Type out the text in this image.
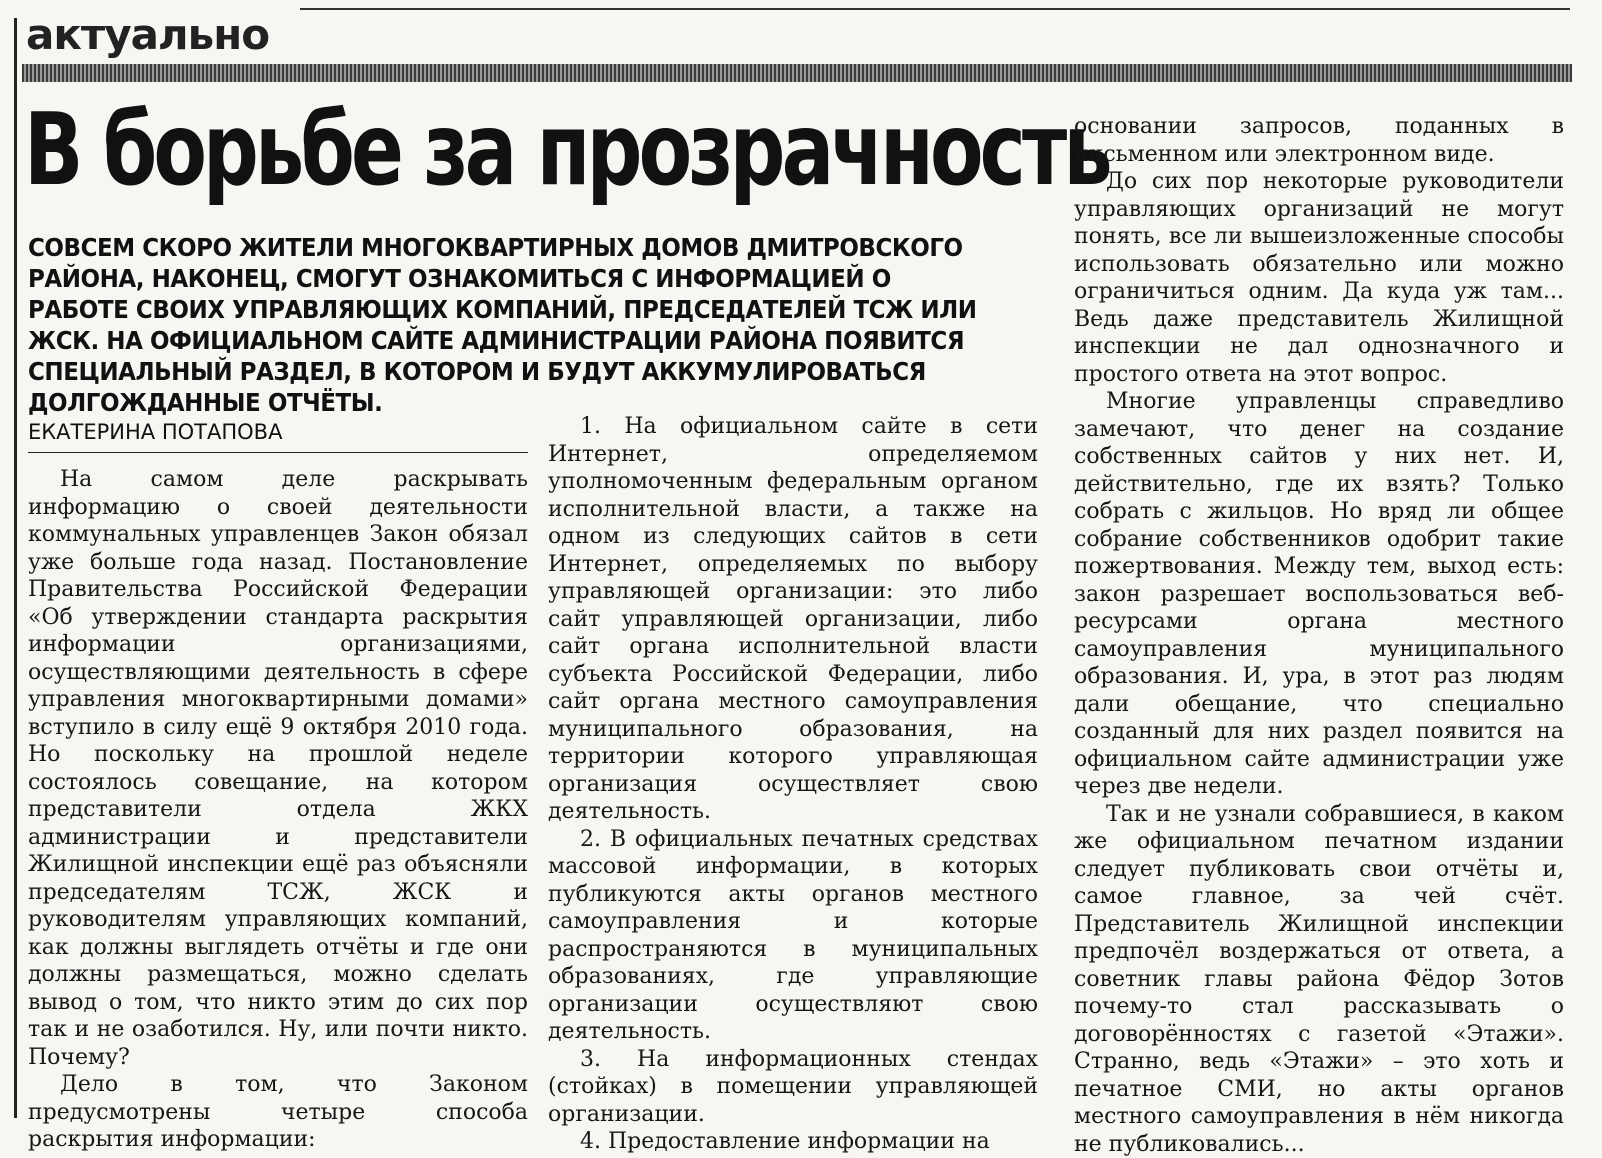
актуально
В борьбе за прозрачность
СОВСЕМ СКОРО ЖИТЕЛИ МНОГОКВАРТИРНЫХ ДОМОВ ДМИТРОВСКОГО РАЙОНА, НАКОНЕЦ, СМОГУТ ОЗНАКОМИТЬСЯ С ИНФОРМАЦИЕЙ О РАБОТЕ СВОИХ УПРАВЛЯЮЩИХ КОМПАНИЙ, ПРЕДСЕДАТЕЛЕЙ ТСЖ ИЛИ ЖСК. НА ОФИЦИАЛЬНОМ САЙТЕ АДМИНИСТРАЦИИ РАЙОНА ПОЯВИТСЯ СПЕЦИАЛЬНЫЙ РАЗДЕЛ, В КОТОРОМ И БУДУТ АККУМУЛИРОВАТЬСЯ ДОЛГОЖДАННЫЕ ОТЧЁТЫ.
ЕКАТЕРИНА ПОТАПОВА

На самом деле раскрывать информацию о своей деятельности коммунальных управленцев Закон обязал уже больше года назад. Постановление Правительства Российской Федерации «Об утверждении стандарта раскрытия информации организациями, осуществляющими деятельность в сфере управления многоквартирными домами» вступило в силу ещё 9 октября 2010 года. Но поскольку на прошлой неделе состоялось совещание, на котором представители отдела ЖКХ администрации и представители Жилищной инспекции ещё раз объясняли председателям ТСЖ, ЖСК и руководителям управляющих компаний, как должны выглядеть отчёты и где они должны размещаться, можно сделать вывод о том, что никто этим до сих пор так и не озаботился. Ну, или почти никто. Почему?

Дело в том, что Законом предусмотрены четыре способа раскрытия информации:

1. На официальном сайте в сети Интернет, определяемом уполномоченным федеральным органом исполнительной власти, а также на одном из следующих сайтов в сети Интернет, определяемых по выбору управляющей организации: это либо сайт управляющей организации, либо сайт органа исполнительной власти субъекта Российской Федерации, либо сайт органа местного самоуправления муниципального образования, на территории которого управляющая организация осуществляет свою деятельность.

2. В официальных печатных средствах массовой информации, в которых публикуются акты органов местного самоуправления и которые распространяются в муниципальных образованиях, где управляющие организации осуществляют свою деятельность.

3. На информационных стендах (стойках) в помещении управляющей организации.

4. Предоставление информации на

основании запросов, поданных в письменном или электронном виде.

До сих пор некоторые руководители управляющих организаций не могут понять, все ли вышеизложенные способы использовать обязательно или можно ограничиться одним. Да куда уж там... Ведь даже представитель Жилищной инспекции не дал однозначного и простого ответа на этот вопрос.

Многие управленцы справедливо замечают, что денег на создание собственных сайтов у них нет. И, действительно, где их взять? Только собрать с жильцов. Но вряд ли общее собрание собственников одобрит такие пожертвования. Между тем, выход есть: закон разрешает воспользоваться веб-ресурсами органа местного самоуправления муниципального образования. И, ура, в этот раз людям дали обещание, что специально созданный для них раздел появится на официальном сайте администрации уже через две недели.

Так и не узнали собравшиеся, в каком же официальном печатном издании следует публиковать свои отчёты и, самое главное, за чей счёт. Представитель Жилищной инспекции предпочёл воздержаться от ответа, а советник главы района Фёдор Зотов почему-то стал рассказывать о договорённостях с газетой «Этажи». Странно, ведь «Этажи» – это хоть и печатное СМИ, но акты органов местного самоуправления в нём никогда не публиковались...
